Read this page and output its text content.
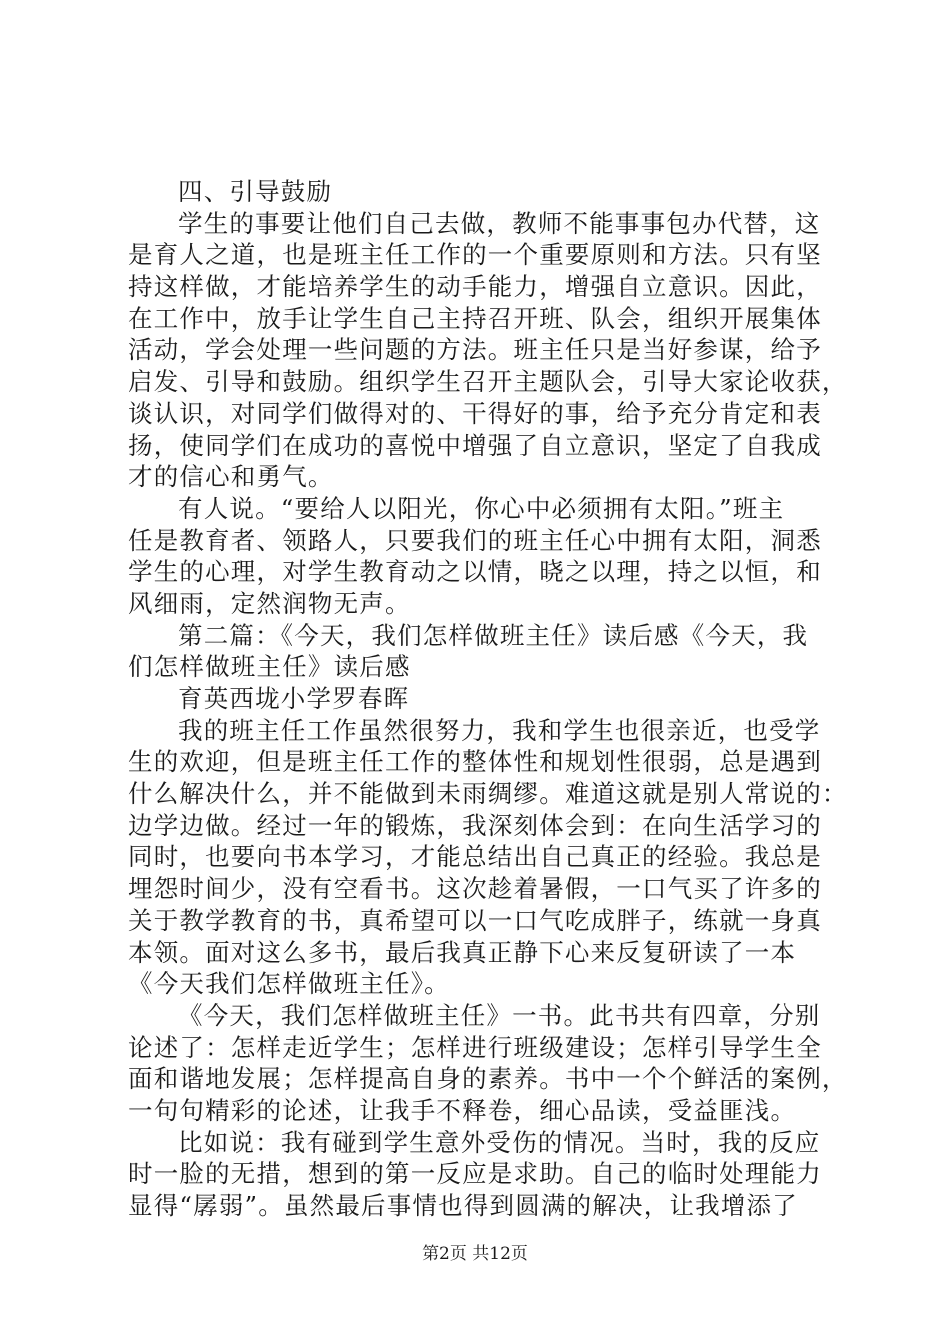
四、引导鼓励
学生的事要让他们自己去做，教师不能事事包办代替，这
是育人之道，也是班主任工作的一个重要原则和方法。只有坚
持这样做，才能培养学生的动手能力，增强自立意识。因此，
在工作中，放手让学生自己主持召开班、队会，组织开展集体
活动，学会处理一些问题的方法。班主任只是当好参谋，给予
启发、引导和鼓励。组织学生召开主题队会，引导大家论收获，
谈认识，对同学们做得对的、干得好的事，给予充分肯定和表
扬，使同学们在成功的喜悦中增强了自立意识，坚定了自我成
才的信心和勇气。
有人说。“要给人以阳光，你心中必须拥有太阳。”班主
任是教育者、领路人，只要我们的班主任心中拥有太阳，洞悉
学生的心理，对学生教育动之以情，晓之以理，持之以恒，和
风细雨，定然润物无声。
第二篇：《今天，我们怎样做班主任》读后感《今天，我
们怎样做班主任》读后感
育英西垅小学罗春晖
我的班主任工作虽然很努力，我和学生也很亲近，也受学
生的欢迎，但是班主任工作的整体性和规划性很弱，总是遇到
什么解决什么，并不能做到未雨绸缪。难道这就是别人常说的：
边学边做。经过一年的锻炼，我深刻体会到：在向生活学习的
同时，也要向书本学习，才能总结出自己真正的经验。我总是
埋怨时间少，没有空看书。这次趁着暑假，一口气买了许多的
关于教学教育的书，真希望可以一口气吃成胖子，练就一身真
本领。面对这么多书，最后我真正静下心来反复研读了一本
《今天我们怎样做班主任》。
《今天，我们怎样做班主任》一书。此书共有四章，分别
论述了：怎样走近学生；怎样进行班级建设；怎样引导学生全
面和谐地发展；怎样提高自身的素养。书中一个个鲜活的案例，
一句句精彩的论述，让我手不释卷，细心品读，受益匪浅。
比如说：我有碰到学生意外受伤的情况。当时，我的反应
时一脸的无措，想到的第一反应是求助。自己的临时处理能力
显得“孱弱”。虽然最后事情也得到圆满的解决，让我增添了
第2页 共12页
